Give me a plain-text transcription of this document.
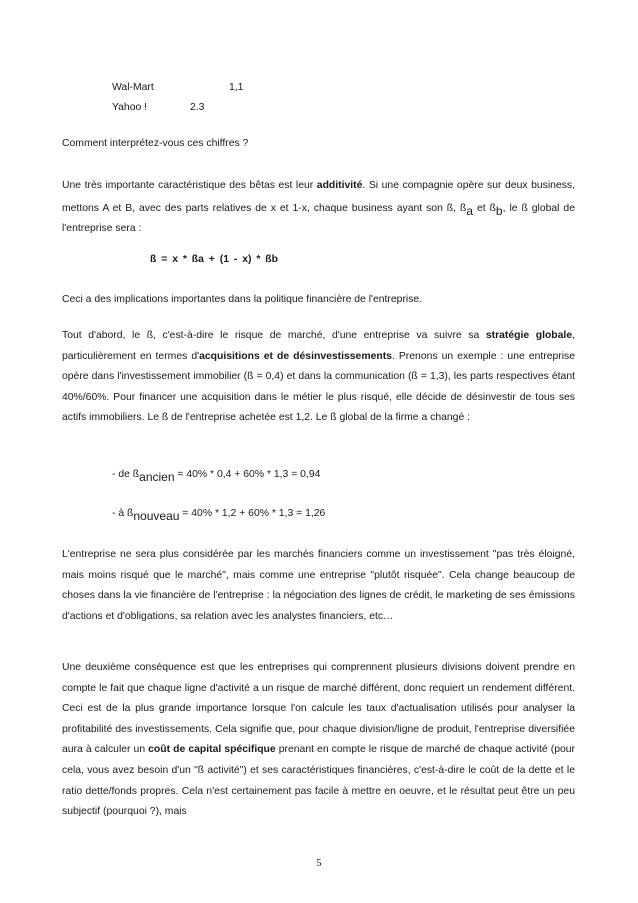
Wal-Mart	1,1
Yahoo !	2.3

Comment interprétez-vous ces chiffres ?

Une très importante caractéristique des bêtas est leur additivité. Si une compagnie opère sur deux business, mettons A et B, avec des parts relatives de x et 1-x, chaque business ayant son ß, ßa et ßb, le ß global de l'entreprise sera :

ß = x * ßa + (1 - x) * ßb

Ceci a des implications importantes dans la politique financière de l'entreprise.

Tout d'abord, le ß, c'est-à-dire le risque de marché, d'une entreprise va suivre sa stratégie globale, particulièrement en termes d'acquisitions et de désinvestissements. Prenons un exemple : une entreprise opère dans l'investissement immobilier (ß = 0,4) et dans la communication (ß = 1,3), les parts respectives étant 40%/60%. Pour financer une acquisition dans le métier le plus risqué, elle décide de désinvestir de tous ses actifs immobiliers. Le ß de l'entreprise achetée est 1,2. Le ß global de la firme a changé :

- de ßancien = 40% * 0,4 + 60% * 1,3 = 0,94
- à ßnouveau = 40% * 1,2 + 60% * 1,3 = 1,26

L'entreprise ne sera plus considérée par les marchés financiers comme un investissement "pas très éloigné, mais moins risqué que le marché", mais comme une entreprise "plutôt risquée". Cela change beaucoup de choses dans la vie financière de l'entreprise : la négociation des lignes de crédit, le marketing de ses émissions d'actions et d'obligations, sa relation avec les analystes financiers, etc…

Une deuxième conséquence est que les entreprises qui comprennent plusieurs divisions doivent prendre en compte le fait que chaque ligne d'activité a un risque de marché différent, donc requiert un rendement différent. Ceci est de la plus grande importance lorsque l'on calcule les taux d'actualisation utilisés pour analyser la profitabilité des investissements. Cela signifie que, pour chaque division/ligne de produit, l'entreprise diversifiée aura à calculer un coût de capital spécifique prenant en compte le risque de marché de chaque activité (pour cela, vous avez besoin d'un "ß activité") et ses caractéristiques financières, c'est-à-dire le coût de la dette et le ratio dette/fonds propres. Cela n'est certainement pas facile à mettre en oeuvre, et le résultat peut être un peu subjectif (pourquoi ?), mais

5
